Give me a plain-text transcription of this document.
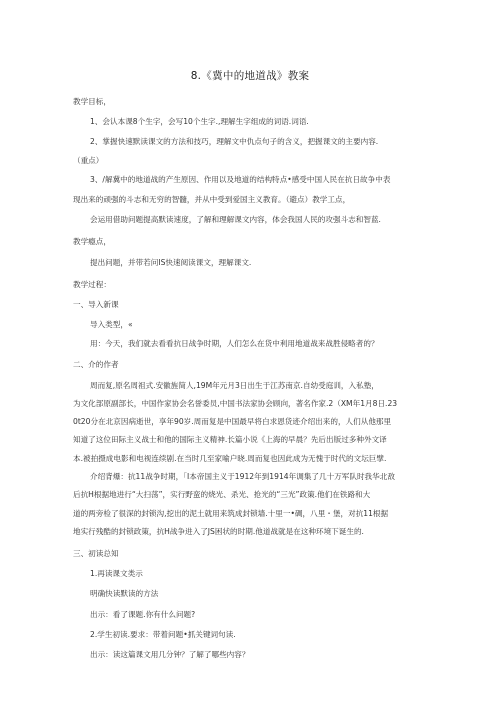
8.《冀中的地道战》教案
教学目标，
1、会认本课8个生字，会写10个生字.,理解生字组成的词语.词语.
2、掌握快速默读课文的方法和技巧，理解文中仇点句子的含义，把握课文的主要内容.
（重点）
3、/解冀中的地道战的产生原因、作用以及地道的结构特点•感受中国人民在抗日故争中表
现出来的顽强的斗志和无穷的智髓，并从中受到爱国主义教育。（避点）教学工点，
会运用借助问题提高默读速度，了解和理解课文内容，体会我国人民的攻强斗志和智蓝.
教学瘾点，
提出问题，并带若问IS快速阅读课文，理解课文.
教学过程：
一、导入新课
导入类型，«
用：今天，我们就去看看抗日战争时期，人们怎么在货中利用地道战来战胜侵略者的？
二、介的作者
周而复,原名周祖式.安徽旌简人,19M年元月3日出生于江苏南京.自幼受庭训，入私塾，
为文化部原副部长，中国作家协会名誉委员,中国书法家协会顾向，著名作家.2（XM年1月8日.23
0t20分在北京因病逝世，享年90岁.周而复是中国最早将白求恩货迹介绍出来的，人们从他那里
知道了这位田际主义战士和他的国际主义精神.长篇小说《上海的早晨？先后出版过多种外文译
本.被拍摄成电影和电视连续剧.在当时几至家喻户晓.周而复也因此成为无愧于时代的文坛巨擘.
介绍背爆：抗11战争时期，「I本帝国主义于1912年到1914年调集了几十万军队时我华北敌
后抗H根据地进行“大扫荡”，实行野蛮的烧光、杀光、抢光的“三光”政策.他们在铁路和大
道的两旁检了很深的封锁沟,挖出的泥土就用来筑成封锁墙.十里一•碉，八里・堡，对抗11根据
地实行残酷的封锁政策，抗H战争进入了JS困状的时期.他道战就是在这种环境下诞生的.
三、初读总知
1.再读课文类示
明确快读默读的方法
出示：看了课题.你有什么问题?
2.学生初读.要求：带着问题•抓关键词句读.
出示：读这篇课文用几分钟？了解了哪些内容？
